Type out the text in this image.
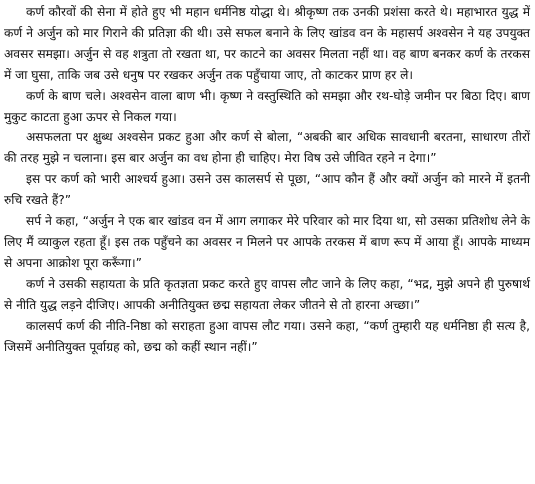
कर्ण कौरवों की सेना में होते हुए भी महान धर्मनिष्ठ योद्धा थे। श्रीकृष्ण तक उनकी प्रशंसा करते थे। महाभारत युद्ध में कर्ण ने अर्जुन को मार गिराने की प्रतिज्ञा की थी। उसे सफल बनाने के लिए खांडव वन के महासर्प अश्वसेन ने यह उपयुक्त अवसर समझा। अर्जुन से वह शत्रुता तो रखता था, पर काटने का अवसर मिलता नहीं था। वह बाण बनकर कर्ण के तरकस में जा घुसा, ताकि जब उसे धनुष पर रखकर अर्जुन तक पहुँचाया जाए, तो काटकर प्राण हर ले।

कर्ण के बाण चले। अश्वसेन वाला बाण भी। कृष्ण ने वस्तुस्थिति को समझा और रथ-घोड़े जमीन पर बिठा दिए। बाण मुकुट काटता हुआ ऊपर से निकल गया।

असफलता पर क्षुब्ध अश्वसेन प्रकट हुआ और कर्ण से बोला, “अबकी बार अधिक सावधानी बरतना, साधारण तीरों की तरह मुझे न चलाना। इस बार अर्जुन का वध होना ही चाहिए। मेरा विष उसे जीवित रहने न देगा।”

इस पर कर्ण को भारी आश्चर्य हुआ। उसने उस कालसर्प से पूछा, “आप कौन हैं और क्यों अर्जुन को मारने में इतनी रुचि रखते हैं?”

सर्प ने कहा, “अर्जुन ने एक बार खांडव वन में आग लगाकर मेरे परिवार को मार दिया था, सो उसका प्रतिशोध लेने के लिए मैं व्याकुल रहता हूँ। इस तक पहुँचने का अवसर न मिलने पर आपके तरकस में बाण रूप में आया हूँ। आपके माध्यम से अपना आक्रोश पूरा करूँगा।”

कर्ण ने उसकी सहायता के प्रति कृतज्ञता प्रकट करते हुए वापस लौट जाने के लिए कहा, “भद्र, मुझे अपने ही पुरुषार्थ से नीति युद्ध लड़ने दीजिए। आपकी अनीतियुक्त छद्म सहायता लेकर जीतने से तो हारना अच्छा।”

कालसर्प कर्ण की नीति-निष्ठा को सराहता हुआ वापस लौट गया। उसने कहा, “कर्ण तुम्हारी यह धर्मनिष्ठा ही सत्य है, जिसमें अनीतियुक्त पूर्वाग्रह को, छद्म को कहीं स्थान नहीं।”
